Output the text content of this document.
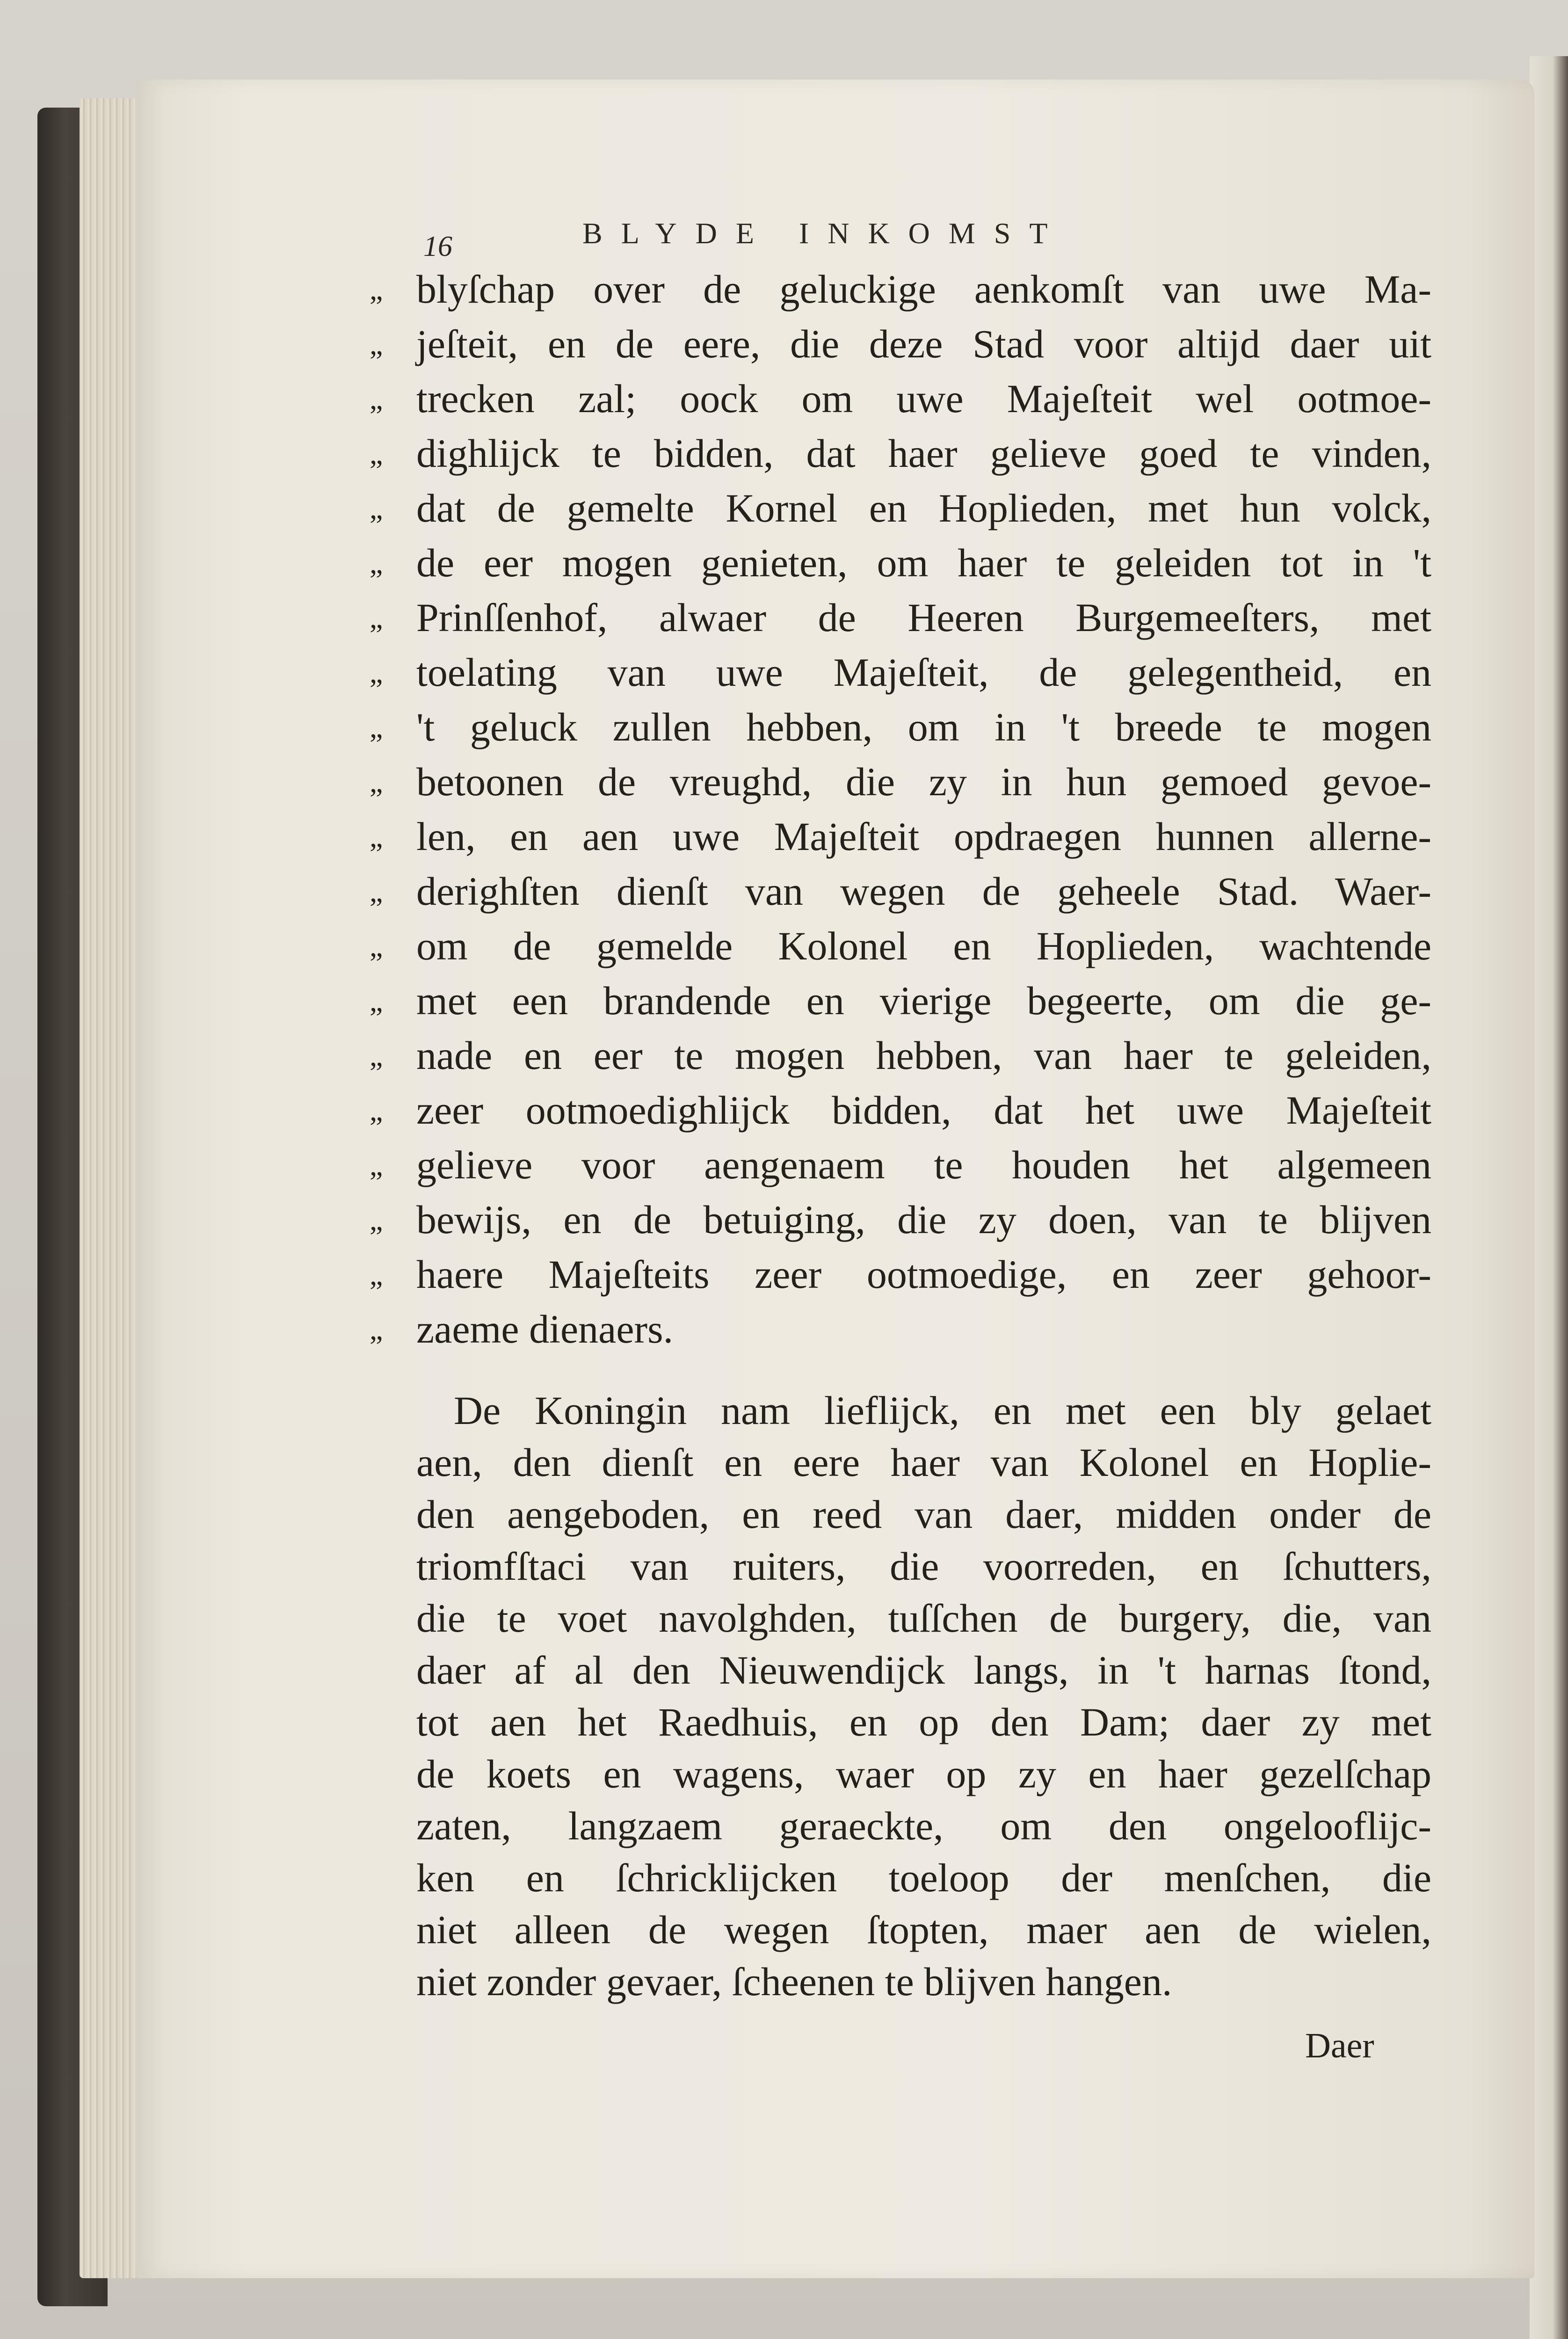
16	BLYDE INKOMST
„ blyſchap over de geluckige aenkomſt van uwe Ma-
„ jeſteit, en de eere, die deze Stad voor altijd daer uit
„ trecken zal; oock om uwe Majeſteit wel ootmoe-
„ dighlijck te bidden, dat haer gelieve goed te vinden,
„ dat de gemelte Kornel en Hoplieden, met hun volck,
„ de eer mogen genieten, om haer te geleiden tot in 't
„ Prinſſenhof, alwaer de Heeren Burgemeeſters, met
„ toelating van uwe Majeſteit, de gelegentheid, en
„ 't geluck zullen hebben, om in 't breede te mogen
„ betoonen de vreughd, die zy in hun gemoed gevoe-
„ len, en aen uwe Majeſteit opdraegen hunnen allerne-
„ derighſten dienſt van wegen de geheele Stad. Waer-
„ om de gemelde Kolonel en Hoplieden, wachtende
„ met een brandende en vierige begeerte, om die ge-
„ nade en eer te mogen hebben, van haer te geleiden,
„ zeer ootmoedighlijck bidden, dat het uwe Majeſteit
„ gelieve voor aengenaem te houden het algemeen
„ bewijs, en de betuiging, die zy doen, van te blijven
„ haere Majeſteits zeer ootmoedige, en zeer gehoor-
„ zaeme dienaers.
De Koningin nam lieflijck, en met een bly gelaet
aen, den dienſt en eere haer van Kolonel en Hoplie-
den aengeboden, en reed van daer, midden onder de
triomfſtaci van ruiters, die voorreden, en ſchutters,
die te voet navolghden, tuſſchen de burgery, die, van
daer af al den Nieuwendijck langs, in 't harnas ſtond,
tot aen het Raedhuis, en op den Dam; daer zy met
de koets en wagens, waer op zy en haer gezelſchap
zaten, langzaem geraeckte, om den ongelooflijc-
ken en ſchricklijcken toeloop der menſchen, die
niet alleen de wegen ſtopten, maer aen de wielen,
niet zonder gevaer, ſcheenen te blijven hangen.
Daer
